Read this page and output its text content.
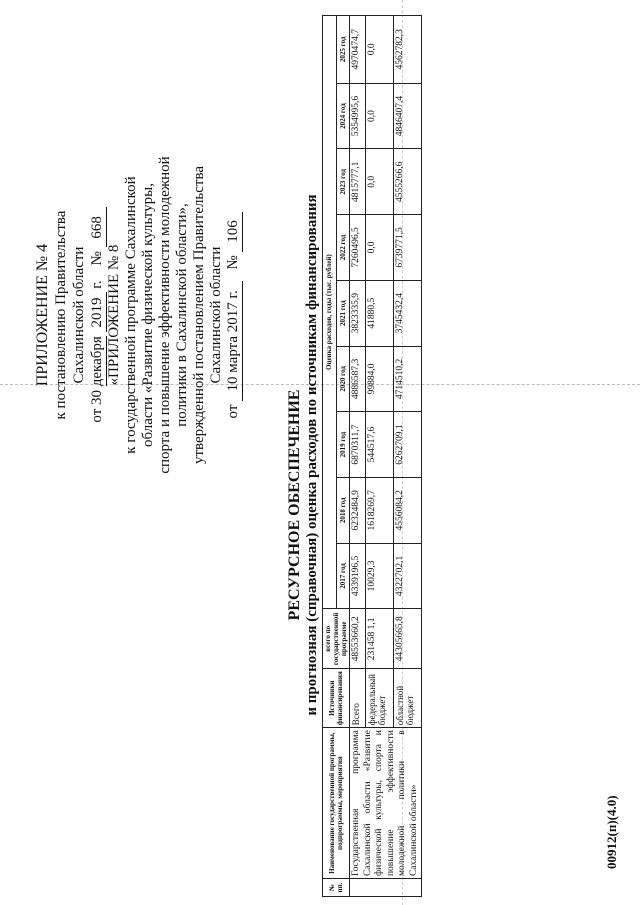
ПРИЛОЖЕНИЕ № 4 к постановлению Правительства Сахалинской области
от 30 декабря 2019 г.    № 668
«ПРИЛОЖЕНИЕ № 8 к государственной программе Сахалинской области «Развитие физической культуры, спорта и повышение эффективности молодежной политики в Сахалинской области», утвержденной постановлением Правительства Сахалинской области
от 10 марта 2017 г.   № 106
РЕСУРСНОЕ ОБЕСПЕЧЕНИЕ и прогнозная (справочная) оценка расходов по источникам финансирования
№ пп.	Наименование государственной программы, подпрограммы, мероприятия	Источники финансирования	всего по государственной программе	Оценка расходов, годы (тыс. рублей)								
				2017 год	2018 год	2019 год	2020 год	2021 год	2022 год	2023 год	2024 год	2025 год
	Государственная программа Сахалинской области «Развитие физической культуры, спорта и повышение эффективности молодежной политики в Сахалинской области»	Всего	48553660,2	4339196,5	6232484,9	6870311,7	4886587,3	3823335,9	7260496,5	4815777,1	5354995,6	4970474,7
		федеральный бюджет	231458 1,1	10029,3	1618269,7	544517,6	99884,0	41880,5	0,0	0,0	0,0	0,0
		областной бюджет	44305665,8	4322702,1	4556084,2	6262709,1	4714510,2	3745432,4	6739771,5	4555266,6	4846407,4	4562782,3
00912(п)(4.0)
